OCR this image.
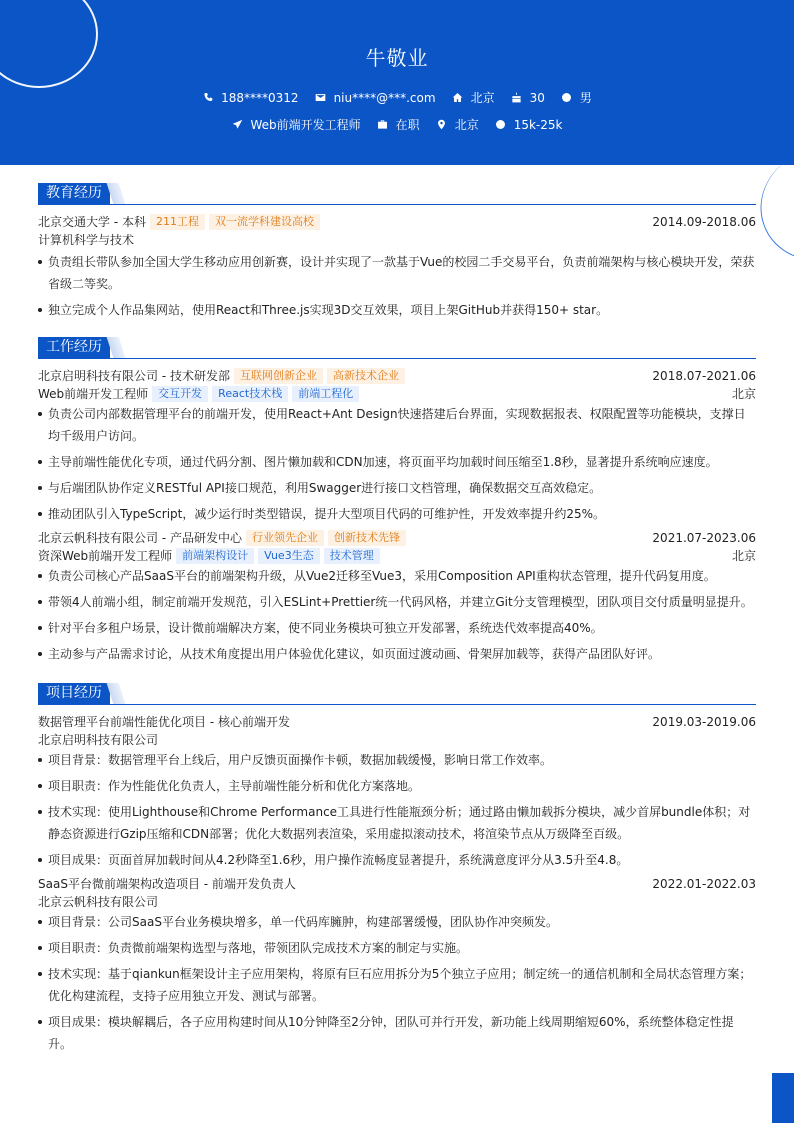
牛敬业
188****0312	niu****@***.com	北京	30	男
Web前端开发工程师	在职	北京	15k-25k
教育经历
北京交通大学 - 本科 211工程 双一流学科建设高校	2014.09-2018.06
计算机科学与技术
负责组长带队参加全国大学生移动应用创新赛，设计并实现了一款基于Vue的校园二手交易平台，负责前端架构与核心模块开发，荣获省级二等奖。
独立完成个人作品集网站，使用React和Three.js实现3D交互效果，项目上架GitHub并获得150+ star。
工作经历
北京启明科技有限公司 - 技术研发部 互联网创新企业 高新技术企业	2018.07-2021.06
Web前端开发工程师 交互开发 React技术栈 前端工程化	北京
负责公司内部数据管理平台的前端开发，使用React+Ant Design快速搭建后台界面，实现数据报表、权限配置等功能模块，支撑日均千级用户访问。
主导前端性能优化专项，通过代码分割、图片懒加载和CDN加速，将页面平均加载时间压缩至1.8秒，显著提升系统响应速度。
与后端团队协作定义RESTful API接口规范，利用Swagger进行接口文档管理，确保数据交互高效稳定。
推动团队引入TypeScript，减少运行时类型错误，提升大型项目代码的可维护性，开发效率提升约25%。
北京云帆科技有限公司 - 产品研发中心 行业领先企业 创新技术先锋	2021.07-2023.06
资深Web前端开发工程师 前端架构设计 Vue3生态 技术管理	北京
负责公司核心产品SaaS平台的前端架构升级，从Vue2迁移至Vue3，采用Composition API重构状态管理，提升代码复用度。
带领4人前端小组，制定前端开发规范，引入ESLint+Prettier统一代码风格，并建立Git分支管理模型，团队项目交付质量明显提升。
针对平台多租户场景，设计微前端解决方案，使不同业务模块可独立开发部署，系统迭代效率提高40%。
主动参与产品需求讨论，从技术角度提出用户体验优化建议，如页面过渡动画、骨架屏加载等，获得产品团队好评。
项目经历
数据管理平台前端性能优化项目 - 核心前端开发	2019.03-2019.06
北京启明科技有限公司
项目背景：数据管理平台上线后，用户反馈页面操作卡顿，数据加载缓慢，影响日常工作效率。
项目职责：作为性能优化负责人，主导前端性能分析和优化方案落地。
技术实现：使用Lighthouse和Chrome Performance工具进行性能瓶颈分析；通过路由懒加载拆分模块，减少首屏bundle体积；对静态资源进行Gzip压缩和CDN部署；优化大数据列表渲染，采用虚拟滚动技术，将渲染节点从万级降至百级。
项目成果：页面首屏加载时间从4.2秒降至1.6秒，用户操作流畅度显著提升，系统满意度评分从3.5升至4.8。
SaaS平台微前端架构改造项目 - 前端开发负责人	2022.01-2022.03
北京云帆科技有限公司
项目背景：公司SaaS平台业务模块增多，单一代码库臃肿，构建部署缓慢，团队协作冲突频发。
项目职责：负责微前端架构选型与落地，带领团队完成技术方案的制定与实施。
技术实现：基于qiankun框架设计主子应用架构，将原有巨石应用拆分为5个独立子应用；制定统一的通信机制和全局状态管理方案；优化构建流程，支持子应用独立开发、测试与部署。
项目成果：模块解耦后，各子应用构建时间从10分钟降至2分钟，团队可并行开发，新功能上线周期缩短60%，系统整体稳定性提升。
